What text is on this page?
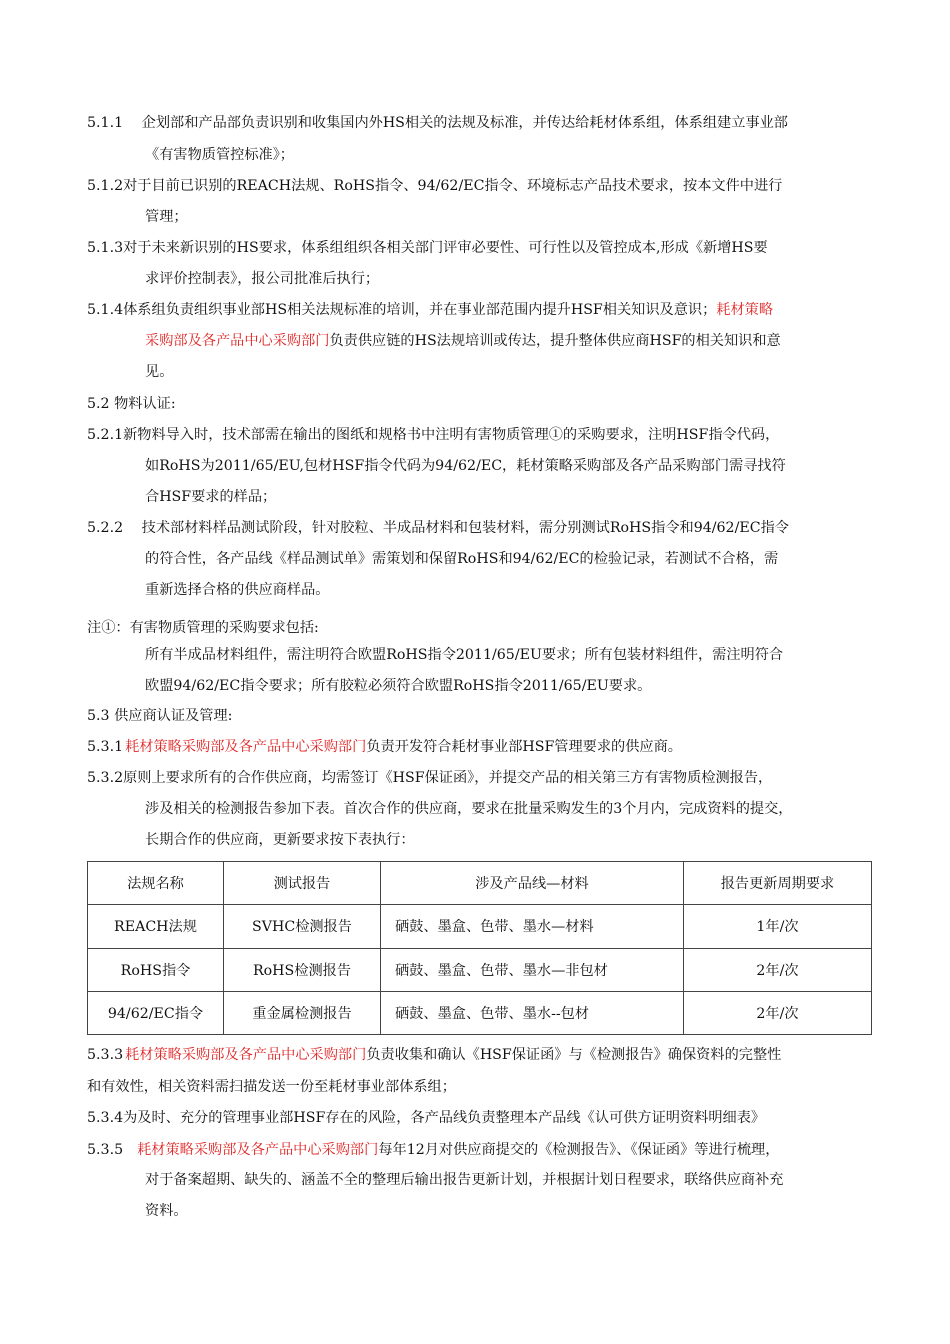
5.1.1 企划部和产品部负责识别和收集国内外HS相关的法规及标准，并传达给耗材体系组，体系组建立事业部
《有害物质管控标准》；
5.1.2对于目前已识别的REACH法规、RoHS指令、94/62/EC指令、环境标志产品技术要求，按本文件中进行
管理；
5.1.3对于未来新识别的HS要求，体系组组织各相关部门评审必要性、可行性以及管控成本,形成《新增HS要
求评价控制表》，报公司批准后执行；
5.1.4体系组负责组织事业部HS相关法规标准的培训，并在事业部范围内提升HSF相关知识及意识；耗材策略
采购部及各产品中心采购部门负责供应链的HS法规培训或传达，提升整体供应商HSF的相关知识和意
见。
5.2 物料认证:
5.2.1新物料导入时，技术部需在输出的图纸和规格书中注明有害物质管理①的采购要求，注明HSF指令代码，
如RoHS为2011/65/EU,包材HSF指令代码为94/62/EC，耗材策略采购部及各产品采购部门需寻找符
合HSF要求的样品；
5.2.2 技术部材料样品测试阶段，针对胶粒、半成品材料和包装材料，需分别测试RoHS指令和94/62/EC指令
的符合性，各产品线《样品测试单》需策划和保留RoHS和94/62/EC的检验记录，若测试不合格，需
重新选择合格的供应商样品。
注①：有害物质管理的采购要求包括:
所有半成品材料组件，需注明符合欧盟RoHS指令2011/65/EU要求；所有包装材料组件，需注明符合
欧盟94/62/EC指令要求；所有胶粒必须符合欧盟RoHS指令2011/65/EU要求。
5.3 供应商认证及管理:
5.3.1 耗材策略采购部及各产品中心采购部门负责开发符合耗材事业部HSF管理要求的供应商。
5.3.2原则上要求所有的合作供应商，均需签订《HSF保证函》，并提交产品的相关第三方有害物质检测报告，
涉及相关的检测报告参加下表。首次合作的供应商，要求在批量采购发生的3个月内，完成资料的提交，
长期合作的供应商，更新要求按下表执行：
法规名称	测试报告	涉及产品线—材料	报告更新周期要求
REACH法规	SVHC检测报告	硒鼓、墨盒、色带、墨水—材料	1年/次
RoHS指令	RoHS检测报告	硒鼓、墨盒、色带、墨水—非包材	2年/次
94/62/EC指令	重金属检测报告	硒鼓、墨盒、色带、墨水--包材	2年/次
5.3.3 耗材策略采购部及各产品中心采购部门负责收集和确认《HSF保证函》与《检测报告》确保资料的完整性
和有效性，相关资料需扫描发送一份至耗材事业部体系组；
5.3.4为及时、充分的管理事业部HSF存在的风险，各产品线负责整理本产品线《认可供方证明资料明细表》
5.3.5 耗材策略采购部及各产品中心采购部门每年12月对供应商提交的《检测报告》、《保证函》等进行梳理，
对于备案超期、缺失的、涵盖不全的整理后输出报告更新计划，并根据计划日程要求，联络供应商补充
资料。
